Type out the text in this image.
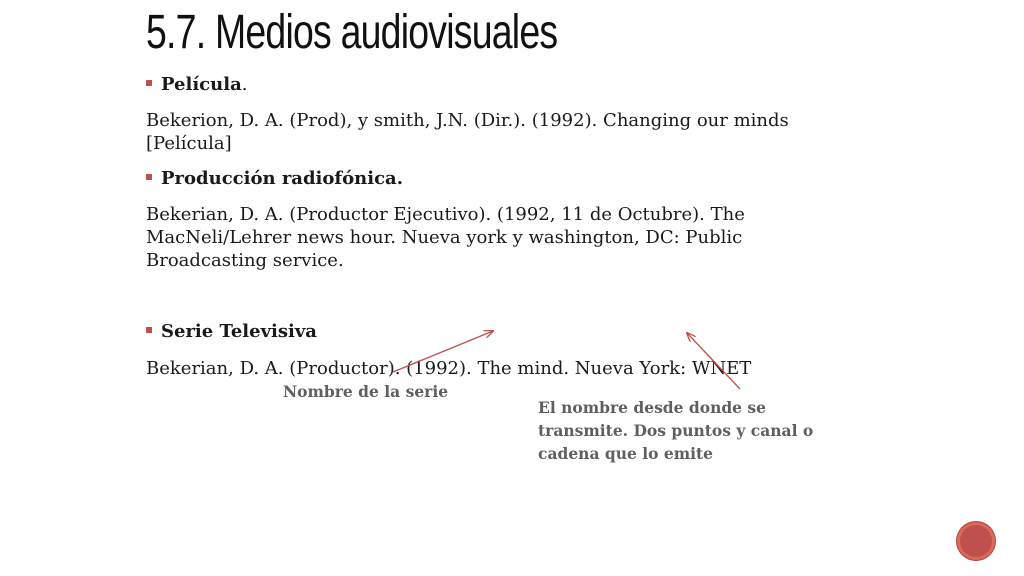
5.7. Medios audiovisuales
Película.
Bekerion, D. A. (Prod), y smith, J.N. (Dir.). (1992). Changing our minds [Película]
Producción radiofónica.
Bekerian, D. A. (Productor Ejecutivo). (1992, 11 de Octubre). The MacNeli/Lehrer news hour. Nueva york y washington, DC: Public Broadcasting service.
Serie Televisiva
Bekerian, D. A. (Productor). (1992). The mind. Nueva York: WNET
Nombre de la serie
El nombre desde donde se transmite. Dos puntos y canal o cadena que lo emite
